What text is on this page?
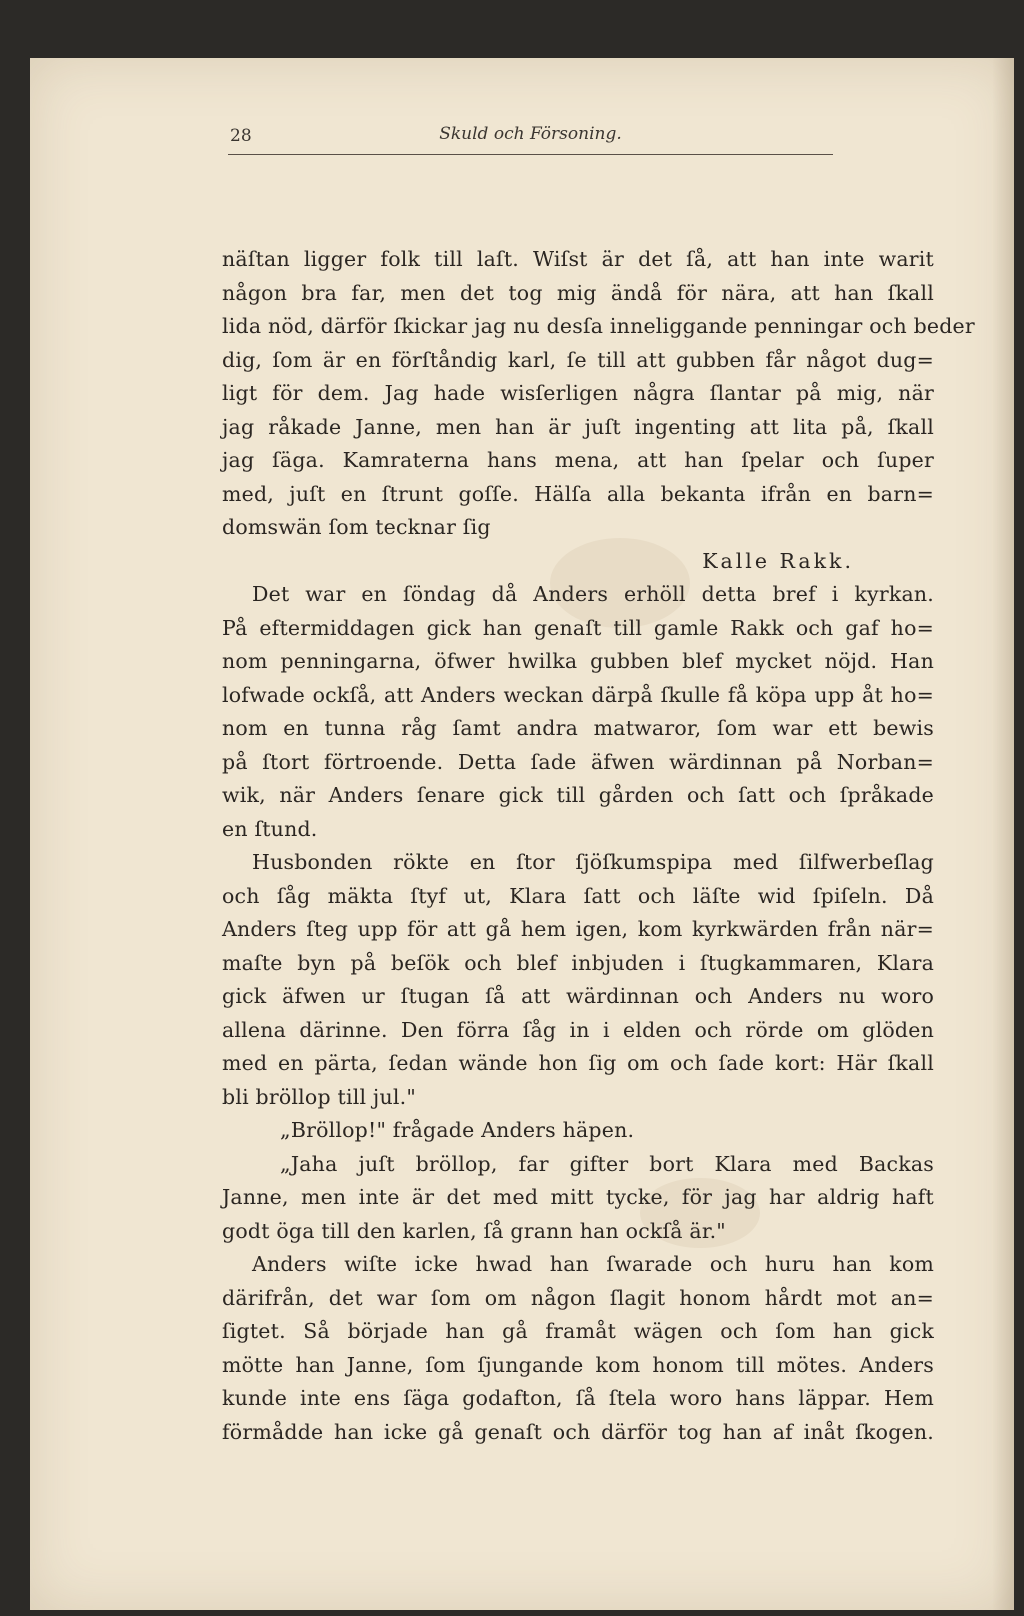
28	Skuld och Försoning.
näſtan ligger folk till laſt. Wiſst är det ſå, att han inte warit
någon bra far, men det tog mig ändå för nära, att han ſkall
lida nöd, därför ſkickar jag nu desſa inneliggande penningar och beder
dig, ſom är en förſtåndig karl, ſe till att gubben får något dug=
ligt för dem. Jag hade wisſerligen några ſlantar på mig, när
jag råkade Janne, men han är juſt ingenting att lita på, ſkall
jag ſäga. Kamraterna hans mena, att han ſpelar och ſuper
med, juſt en ſtrunt goſſe. Hälſa alla bekanta ifrån en barn=
domswän ſom tecknar ſig
Kalle Rakk.
Det war en ſöndag då Anders erhöll detta bref i kyrkan.
På eftermiddagen gick han genaſt till gamle Rakk och gaf ho=
nom penningarna, öfwer hwilka gubben blef mycket nöjd. Han
lofwade ockſå, att Anders weckan därpå ſkulle få köpa upp åt ho=
nom en tunna råg ſamt andra matwaror, ſom war ett bewis
på ſtort förtroende. Detta ſade äfwen wärdinnan på Norban=
wik, när Anders ſenare gick till gården och ſatt och ſpråkade
en ſtund.
Husbonden rökte en ſtor ſjöſkumspipa med ſilfwerbeſlag
och ſåg mäkta ſtyf ut, Klara ſatt och läſte wid ſpiſeln. Då
Anders ſteg upp för att gå hem igen, kom kyrkwärden från när=
maſte byn på beſök och blef inbjuden i ſtugkammaren, Klara
gick äfwen ur ſtugan ſå att wärdinnan och Anders nu woro
allena därinne. Den förra ſåg in i elden och rörde om glöden
med en pärta, ſedan wände hon ſig om och ſade kort: Här ſkall
bli bröllop till jul."
„Bröllop!" frågade Anders häpen.
„Jaha juſt bröllop, far gifter bort Klara med Backas
Janne, men inte är det med mitt tycke, för jag har aldrig haft
godt öga till den karlen, ſå grann han ockſå är."
Anders wiſte icke hwad han ſwarade och huru han kom
därifrån, det war ſom om någon ſlagit honom hårdt mot an=
ſigtet. Så började han gå framåt wägen och ſom han gick
mötte han Janne, ſom ſjungande kom honom till mötes. Anders
kunde inte ens ſäga godafton, ſå ſtela woro hans läppar. Hem
förmådde han icke gå genaſt och därför tog han af inåt ſkogen.
